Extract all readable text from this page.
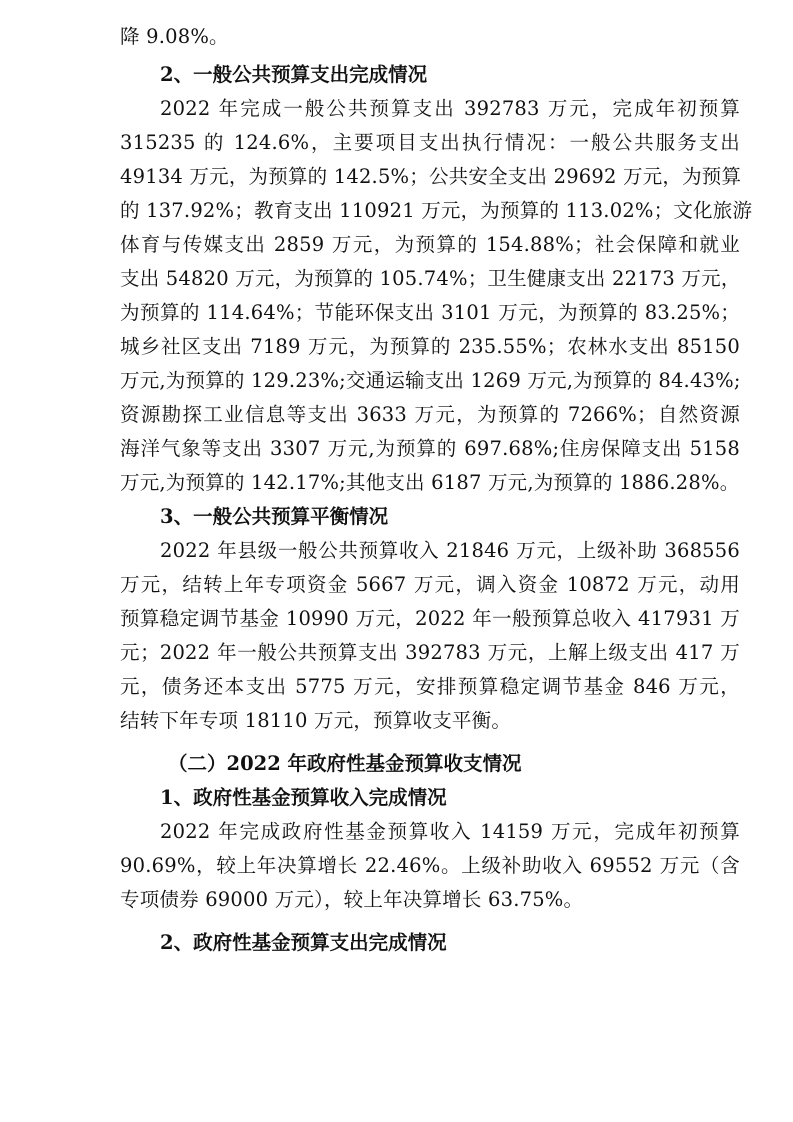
降 9.08%。
2、一般公共预算支出完成情况
2022 年完成一般公共预算支出 392783 万元，完成年初预算
315235 的 124.6%，主要项目支出执行情况：一般公共服务支出
49134 万元，为预算的 142.5%；公共安全支出 29692 万元，为预算
的 137.92%；教育支出 110921 万元，为预算的 113.02%；文化旅游
体育与传媒支出 2859 万元，为预算的 154.88%；社会保障和就业
支出 54820 万元，为预算的 105.74%；卫生健康支出 22173 万元，
为预算的 114.64%；节能环保支出 3101 万元，为预算的 83.25%；
城乡社区支出 7189 万元，为预算的 235.55%；农林水支出 85150
万元,为预算的 129.23%;交通运输支出 1269 万元,为预算的 84.43%;
资源勘探工业信息等支出 3633 万元，为预算的 7266%；自然资源
海洋气象等支出 3307 万元,为预算的 697.68%;住房保障支出 5158
万元,为预算的 142.17%;其他支出 6187 万元,为预算的 1886.28%。
3、一般公共预算平衡情况
2022 年县级一般公共预算收入 21846 万元，上级补助 368556
万元，结转上年专项资金 5667 万元，调入资金 10872 万元，动用
预算稳定调节基金 10990 万元，2022 年一般预算总收入 417931 万
元；2022 年一般公共预算支出 392783 万元，上解上级支出 417 万
元，债务还本支出 5775 万元，安排预算稳定调节基金 846 万元，
结转下年专项 18110 万元，预算收支平衡。
（二）2022 年政府性基金预算收支情况
1、政府性基金预算收入完成情况
2022 年完成政府性基金预算收入 14159 万元，完成年初预算
90.69%，较上年决算增长 22.46%。上级补助收入 69552 万元（含
专项债券 69000 万元），较上年决算增长 63.75%。
2、政府性基金预算支出完成情况
